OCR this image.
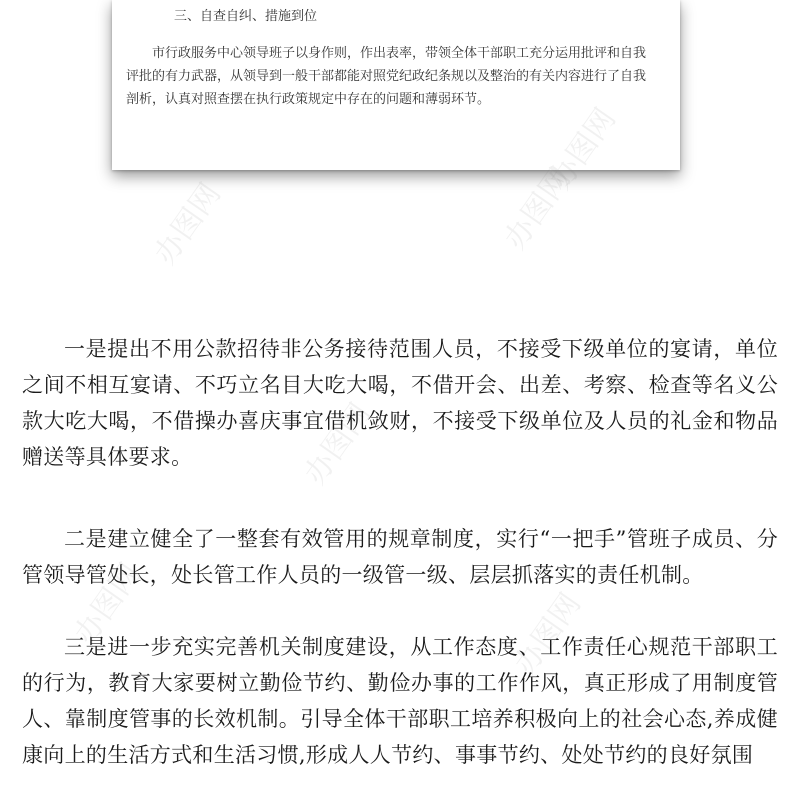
三、自查自纠、措施到位

市行政服务中心领导班子以身作则，作出表率，带领全体干部职工充分运用批评和自我评批的有力武器，从领导到一般干部都能对照党纪政纪条规以及整治的有关内容进行了自我剖析，认真对照查摆在执行政策规定中存在的问题和薄弱环节。

办图网	办图网
办图网
办图网	办图网

一是提出不用公款招待非公务接待范围人员，不接受下级单位的宴请，单位之间不相互宴请、不巧立名目大吃大喝，不借开会、出差、考察、检查等名义公款大吃大喝，不借操办喜庆事宜借机敛财，不接受下级单位及人员的礼金和物品赠送等具体要求。

二是建立健全了一整套有效管用的规章制度，实行“一把手”管班子成员、分管领导管处长，处长管工作人员的一级管一级、层层抓落实的责任机制。

三是进一步充实完善机关制度建设，从工作态度、工作责任心规范干部职工的行为，教育大家要树立勤俭节约、勤俭办事的工作作风，真正形成了用制度管人、靠制度管事的长效机制。引导全体干部职工培养积极向上的社会心态,养成健康向上的生活方式和生活习惯,形成人人节约、事事节约、处处节约的良好氛围
